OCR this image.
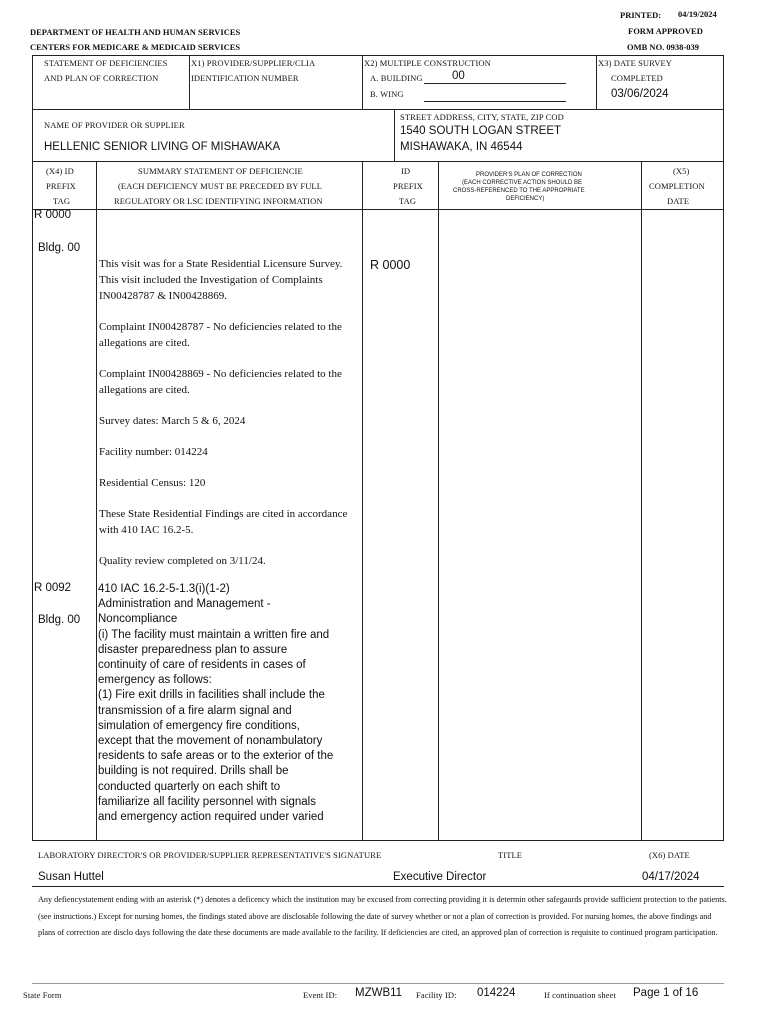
PRINTED: 04/19/2024
FORM APPROVED
OMB NO. 0938-039
DEPARTMENT OF HEALTH AND HUMAN SERVICES
CENTERS FOR MEDICARE & MEDICAID SERVICES
STATEMENT OF DEFICIENCIES
AND PLAN OF CORRECTION
X1) PROVIDER/SUPPLIER/CLIA
IDENTIFICATION NUMBER
X2) MULTIPLE CONSTRUCTION
A. BUILDING	00
B. WING
X3) DATE SURVEY
COMPLETED
03/06/2024
NAME OF PROVIDER OR SUPPLIER
HELLENIC SENIOR LIVING OF MISHAWAKA
STREET ADDRESS, CITY, STATE, ZIP COD
1540 SOUTH LOGAN STREET
MISHAWAKA, IN 46544
(X4) ID
PREFIX
TAG
SUMMARY STATEMENT OF DEFICIENCIE
(EACH DEFICIENCY MUST BE PRECEDED BY FULL
REGULATORY OR LSC IDENTIFYING INFORMATION
ID
PREFIX
TAG
PROVIDER'S PLAN OF CORRECTION
(EACH CORRECTIVE ACTION SHOULD BE
CROSS-REFERENCED TO THE APPROPRIATE
DEFICIENCY)
(X5)
COMPLETION
DATE
R 0000
Bldg. 00
R 0000

This visit was for a State Residential Licensure Survey. This visit included the Investigation of Complaints IN00428787 & IN00428869.

Complaint IN00428787 - No deficiencies related to the allegations are cited.

Complaint IN00428869 - No deficiencies related to the allegations are cited.

Survey dates: March 5 & 6, 2024

Facility number: 014224

Residential Census: 120

These State Residential Findings are cited in accordance with 410 IAC 16.2-5.

Quality review completed on 3/11/24.

R 0092
Bldg. 00
410 IAC 16.2-5-1.3(i)(1-2)
Administration and Management - Noncompliance
(i) The facility must maintain a written fire and disaster preparedness plan to assure continuity of care of residents in cases of emergency as follows:
(1) Fire exit drills in facilities shall include the transmission of a fire alarm signal and simulation of emergency fire conditions, except that the movement of nonambulatory residents to safe areas or to the exterior of the building is not required. Drills shall be conducted quarterly on each shift to familiarize all facility personnel with signals and emergency action required under varied
LABORATORY DIRECTOR'S OR PROVIDER/SUPPLIER REPRESENTATIVE'S SIGNATURE	TITLE	(X6) DATE
Susan Huttel	Executive Director	04/17/2024
Any defiencystatement ending with an asterisk (*) denotes a deficency which the institution may be excused from correcting providing it is determin other safegaurds provide sufficient protection to the patients. (see instructions.) Except for nursing homes, the findings stated above are disclosable following the date of survey whether or not a plan of correction is provided. For nursing homes, the above findings and plans of correction are disclo days following the date these documents are made available to the facility. If deficiencies are cited, an approved plan of correction is requisite to continued program participation.
State Form	Event ID: MZWB11 Facility ID: 014224	If continuation sheet Page 1 of 16
